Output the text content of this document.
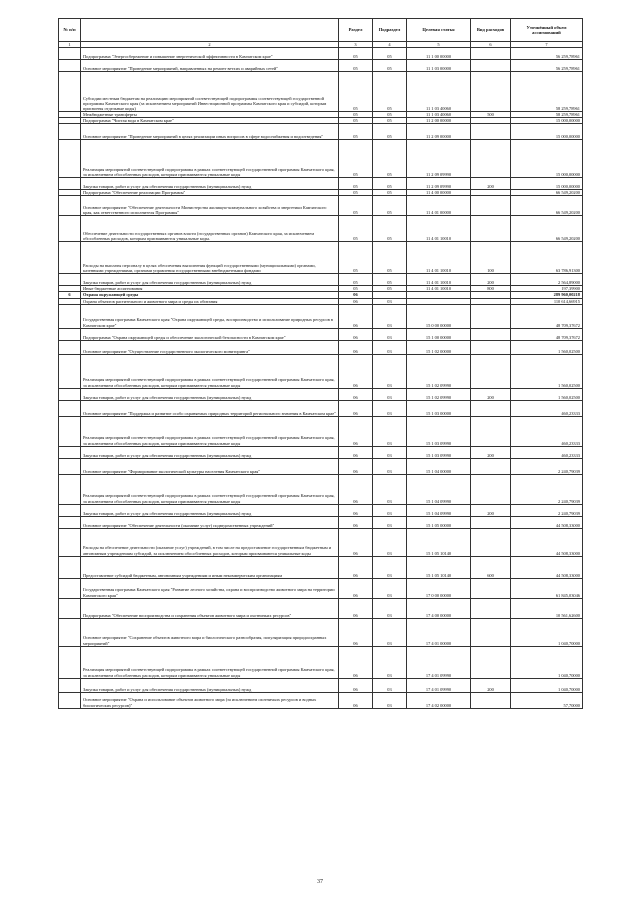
№ п/п		Раздел	Подраздел	Целевая статья	Вид расходов	Уточнённый объем ассигнований
1	2	3	4	5	6	7
	Подпрограмма "Энергосбережение и повышение энергетической эффективности в Камчатском крае"	05	05	11 1 00 00000		56 259,78961
	Основное мероприятие "Проведение мероприятий, направленных на ремонт ветхих и аварийных сетей"	05	05	11 1 03 00000		56 259,78961
	Субсидии местным бюджетам на реализацию мероприятий соответствующей подпрограммы соответствующей государственной программы Камчатского края (за исключением мероприятий Инвестиционной программы Камчатского края и субсидий, которым присвоены отдельные коды)	05	05	11 1 03 40060		58 259,78961
	Межбюджетные трансферты	05	05	11 1 03 40060	500	58 259,78961
	Подпрограмма "Чистая вода в Камчатском крае"	05	05	11 2 00 00000		15 000,00000
	Основное мероприятие "Проведение мероприятий в целях реализации иных вопросов в сфере водоснабжения и водоотведения"	05	05	11 2 09 00000		15 000,00000
	Реализация мероприятий соответствующей подпрограммы в рамках соответствующей государственной программы Камчатского края, за исключением обособленных расходов, которым присваиваются уникальные коды	05	05	11 2 09 09990		15 000,00000
	Закупка товаров, работ и услуг для обеспечения государственных (муниципальных) нужд	05	05	11 2 09 09990	200	15 000,00000
	Подпрограмма "Обеспечение реализации Программы"	05	05	11 4 00 00000		66 549,20200
	Основное мероприятие "Обеспечение деятельности Министерства жилищно-коммунального хозяйства и энергетики Камчатского края, как ответственного исполнителя Программы"	05	05	11 4 01 00000		66 549,20200
	Обеспечение деятельности государственных органов власти (государственных органов) Камчатского края, за исключением обособленных расходов, которым присваиваются уникальные коды.	05	05	11 4 01 10010		66 549,20200
	Расходы на выплаты персоналу в целях обеспечения выполнения функций государственными (муниципальными) органами, казенными учреждениями, органами управления государственными внебюджетными фондами	05	05	11 4 01 10010	100	63 786,91300
	Закупка товаров, работ и услуг для обеспечения государственных (муниципальных) нужд	05	05	11 4 01 10010	200	2 564,89000
	Иные бюджетные ассигнования	05	05	11 4 01 10010	800	197,39900
6	Охрана окружающей среды	06				289 960,00218
	Охрана объектов растительного и животного мира и среды их обитания	06	03			110 614,66915
	Государственная программа Камчатского края "Охрана окружающей среды, воспроизводство и использование природных ресурсов в Камчатском крае"	06	03	15 0 00 00000		48 709,37672
	Подпрограмма "Охрана окружающей среды и обеспечение экологической безопасности в Камчатском крае"	06	03	15 1 00 00000		48 709,37672
	Основное мероприятие "Осуществление государственного экологического мониторинга"	06	03	15 1 02 00000		1 560,02500
	Реализация мероприятий соответствующей подпрограммы в рамках соответствующей государственной программы Камчатского края, за исключением обособленных расходов, которым присваиваются уникальные коды	06	03	15 1 02 09990		1 560,02500
	Закупка товаров, работ и услуг для обеспечения государственных (муниципальных) нужд	06	03	15 1 02 09990	200	1 560,02500
	Основное мероприятие "Поддержка и развитие особо охраняемых природных территорий регионального значения в Камчатском крае"	06	03	15 1 03 00000		460,23333
	Реализация мероприятий соответствующей подпрограммы в рамках соответствующей государственной программы Камчатского края, за исключением обособленных расходов, которым присваиваются уникальные коды	06	03	15 1 03 09990		460,23333
	Закупка товаров, работ и услуг для обеспечения государственных (муниципальных) нужд	06	03	15 1 03 09990	200	460,23333
	Основное мероприятие "Формирование экологической культуры населения Камчатского края"	06	03	15 1 04 00000		2 240,79039
	Реализация мероприятий соответствующей подпрограммы в рамках соответствующей государственной программы Камчатского края, за исключением обособленных расходов, которым присваиваются уникальные коды	06	03	15 1 04 09990		2 240,79039
	Закупка товаров, работ и услуг для обеспечения государственных (муниципальных) нужд	06	03	15 1 04 09990	200	2 240,79039
	Основное мероприятие "Обеспечение деятельности (оказание услуг) подведомственных учреждений"	06	03	15 1 05 00000		44 508,33000
	Расходы на обеспечение деятельности (оказание услуг) учреждений, в том числе на предоставление государственным бюджетным и автономным учреждениям субсидий, за исключением обособленных расходов, которым присваиваются уникальные коды	06	03	15 1 05 10140		44 508,33000
	Предоставление субсидий бюджетным, автономным учреждениям и иным некоммерческим организациям	06	03	15 1 05 10140	600	44 508,33000
	Государственная программа Камчатского края "Развитие лесного хозяйства, охрана и воспроизводство животного мира на территории Камчатского края"	06	03	17 0 00 00000		61 845,03046
	Подпрограмма "Обеспечение воспроизводства и сохранения объектов животного мира и охотничьих ресурсов"	06	03	17 4 00 00000		10 561,62600
	Основное мероприятие "Сохранение объектов животного мира и биологического разнообразия, популяризация природоохранных мероприятий"	06	03	17 4 01 00000		1 040,70000
	Реализация мероприятий соответствующей подпрограммы в рамках соответствующей государственной программы Камчатского края, за исключением обособленных расходов, которым присваиваются уникальные коды	06	03	17 4 01 09990		1 040,70000
	Закупка товаров, работ и услуг для обеспечения государственных (муниципальных) нужд	06	03	17 4 01 09990	200	1 040,70000
	Основное мероприятие "Охрана и использование объектов животного мира (за исключением охотничьих ресурсов и водных биологических ресурсов)"	06	03	17 4 02 00000		57,70000
37
